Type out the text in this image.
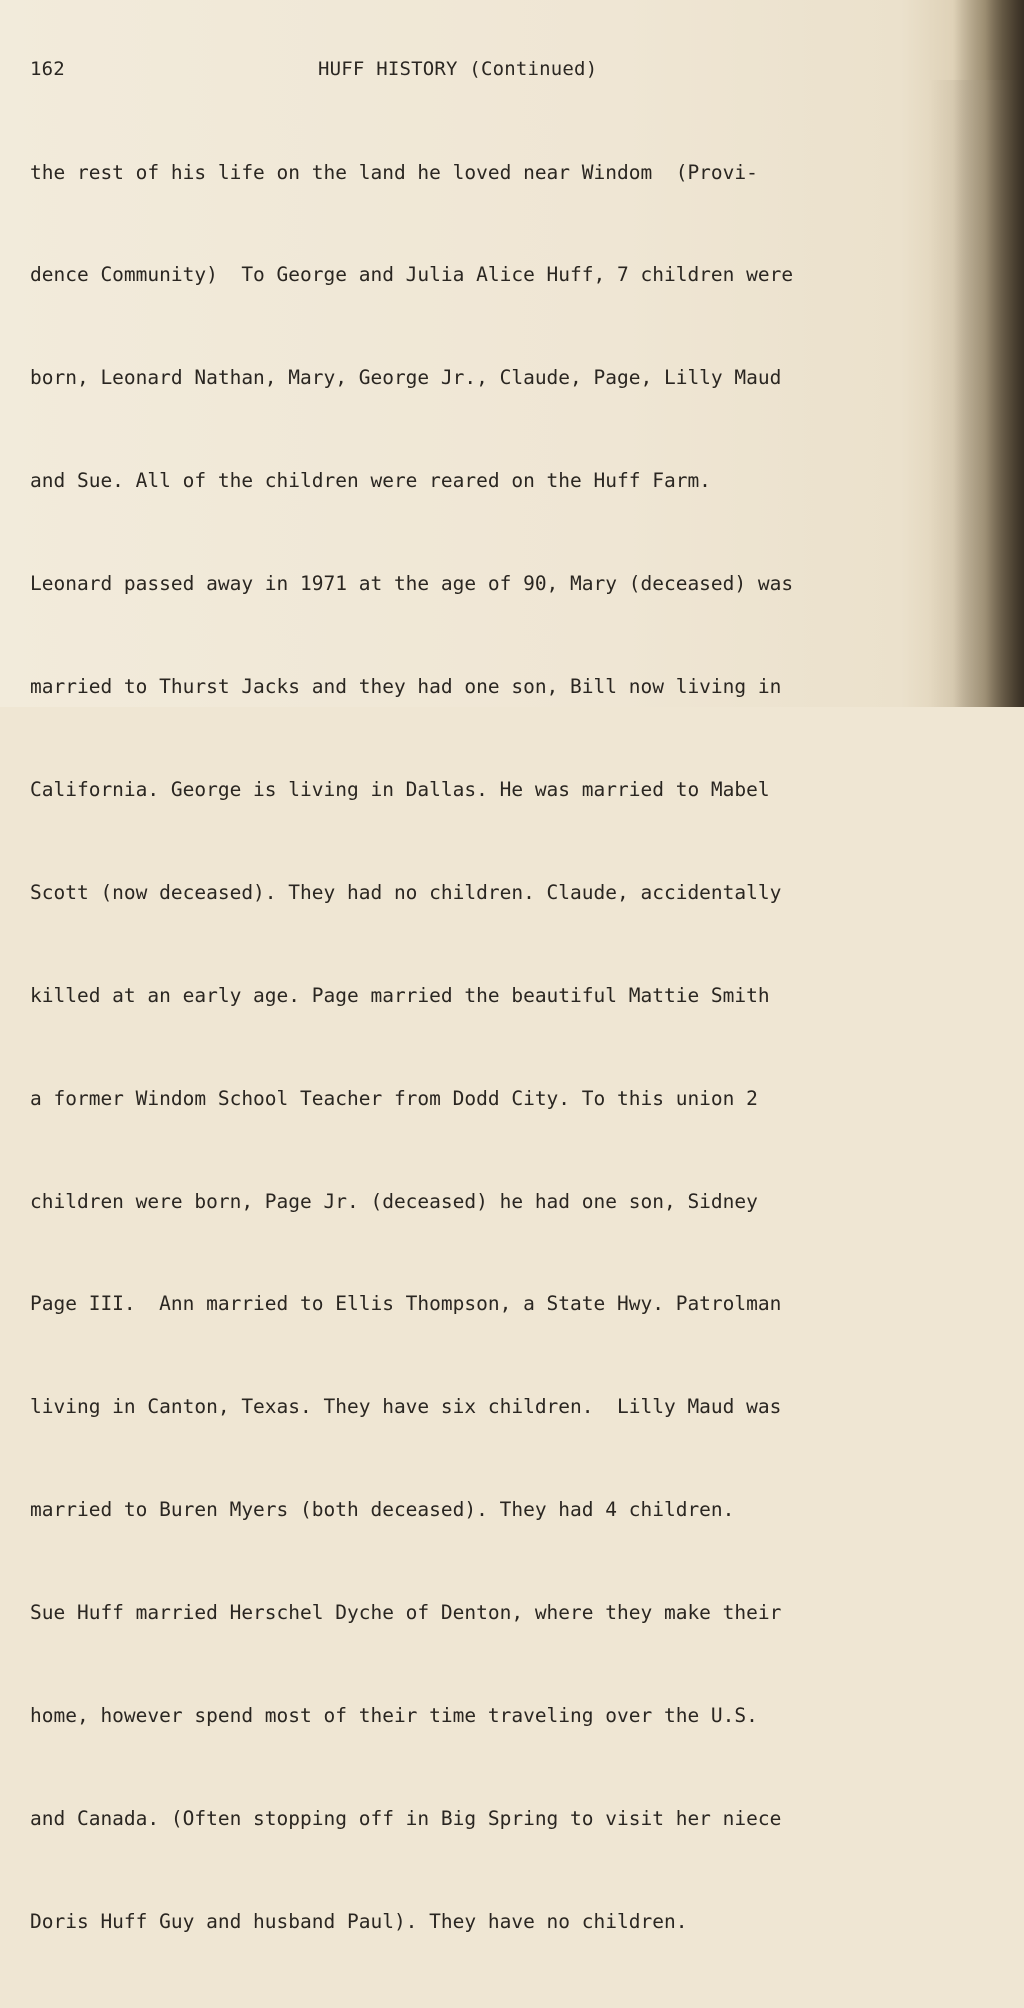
162	HUFF HISTORY (Continued)

the rest of his life on the land he loved near Windom  (Provi-

dence Community)  To George and Julia Alice Huff, 7 children were

born, Leonard Nathan, Mary, George Jr., Claude, Page, Lilly Maud

and Sue. All of the children were reared on the Huff Farm.

Leonard passed away in 1971 at the age of 90, Mary (deceased) was

married to Thurst Jacks and they had one son, Bill now living in

California. George is living in Dallas. He was married to Mabel

Scott (now deceased). They had no children. Claude, accidentally

killed at an early age. Page married the beautiful Mattie Smith

a former Windom School Teacher from Dodd City. To this union 2

children were born, Page Jr. (deceased) he had one son, Sidney

Page III.  Ann married to Ellis Thompson, a State Hwy. Patrolman

living in Canton, Texas. They have six children.  Lilly Maud was

married to Buren Myers (both deceased). They had 4 children.

Sue Huff married Herschel Dyche of Denton, where they make their

home, however spend most of their time traveling over the U.S.

and Canada. (Often stopping off in Big Spring to visit her niece

Doris Huff Guy and husband Paul). They have no children.
